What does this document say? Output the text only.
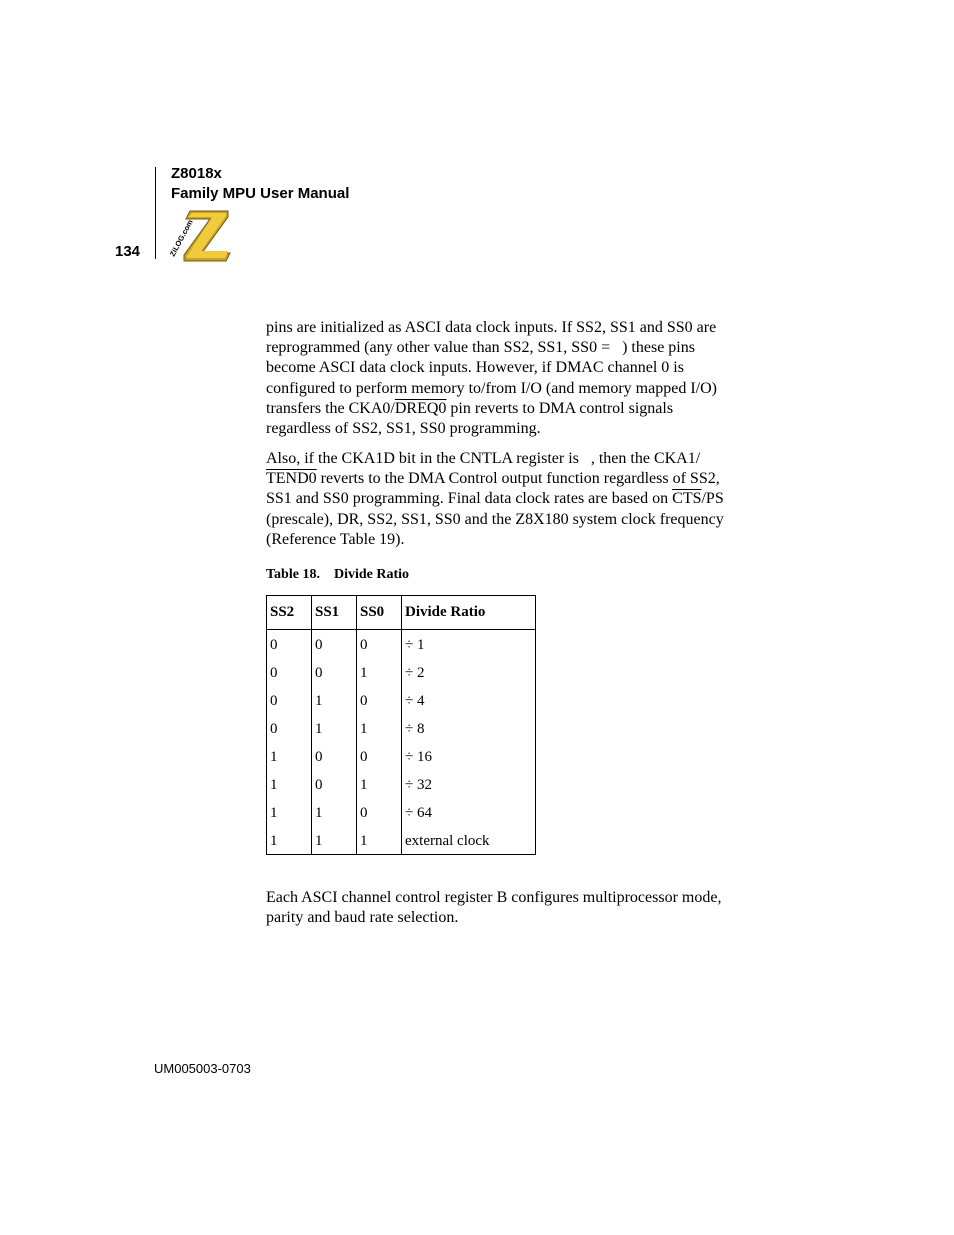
Z8018x
Family MPU User Manual
134	ZiLOG.com
pins are initialized as ASCI data clock inputs. If SS2, SS1 and SS0 are
reprogrammed (any other value than SS2, SS1, SS0 =   ) these pins
become ASCI data clock inputs. However, if DMAC channel 0 is
configured to perform memory to/from I/O (and memory mapped I/O)
transfers the CKA0/DREQ0 pin reverts to DMA control signals
regardless of SS2, SS1, SS0 programming.
Also, if the CKA1D bit in the CNTLA register is   , then the CKA1/
TEND0 reverts to the DMA Control output function regardless of SS2,
SS1 and SS0 programming. Final data clock rates are based on $\overline{CTS}/PS$
(prescale), DR, SS2, SS1, SS0 and the Z8X180 system clock frequency
(Reference Table 19).
Table 18. Divide Ratio
SS2	SS1	SS0	Divide Ratio
0	0	0	÷ 1
0	0	1	÷ 2
0	1	0	÷ 4
0	1	1	÷ 8
1	0	0	÷ 16
1	0	1	÷ 32
1	1	0	÷ 64
1	1	1	external clock
Each ASCI channel control register B configures multiprocessor mode,
parity and baud rate selection.
UM005003-0703
